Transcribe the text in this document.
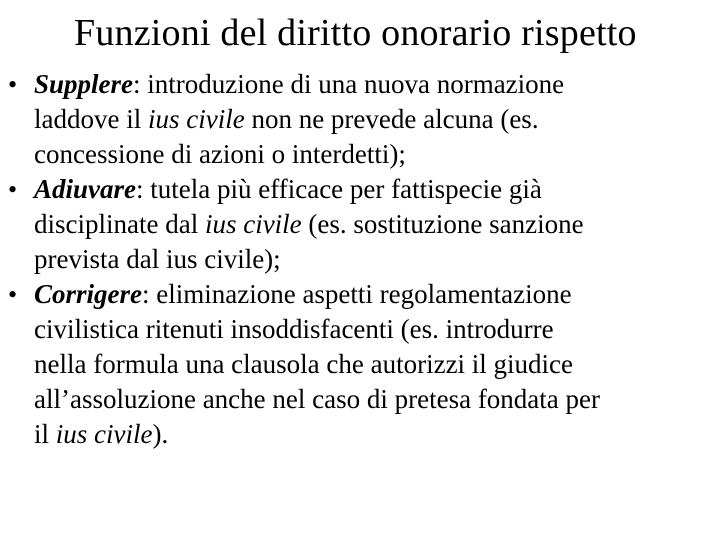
Funzioni del diritto onorario rispetto
• Supplere: introduzione di una nuova normazione
laddove il ius civile non ne prevede alcuna (es.
concessione di azioni o interdetti);
• Adiuvare: tutela più efficace per fattispecie già
disciplinate dal ius civile (es. sostituzione sanzione
prevista dal ius civile);
• Corrigere: eliminazione aspetti regolamentazione
civilistica ritenuti insoddisfacenti (es. introdurre
nella formula una clausola che autorizzi il giudice
all’assoluzione anche nel caso di pretesa fondata per
il ius civile).
